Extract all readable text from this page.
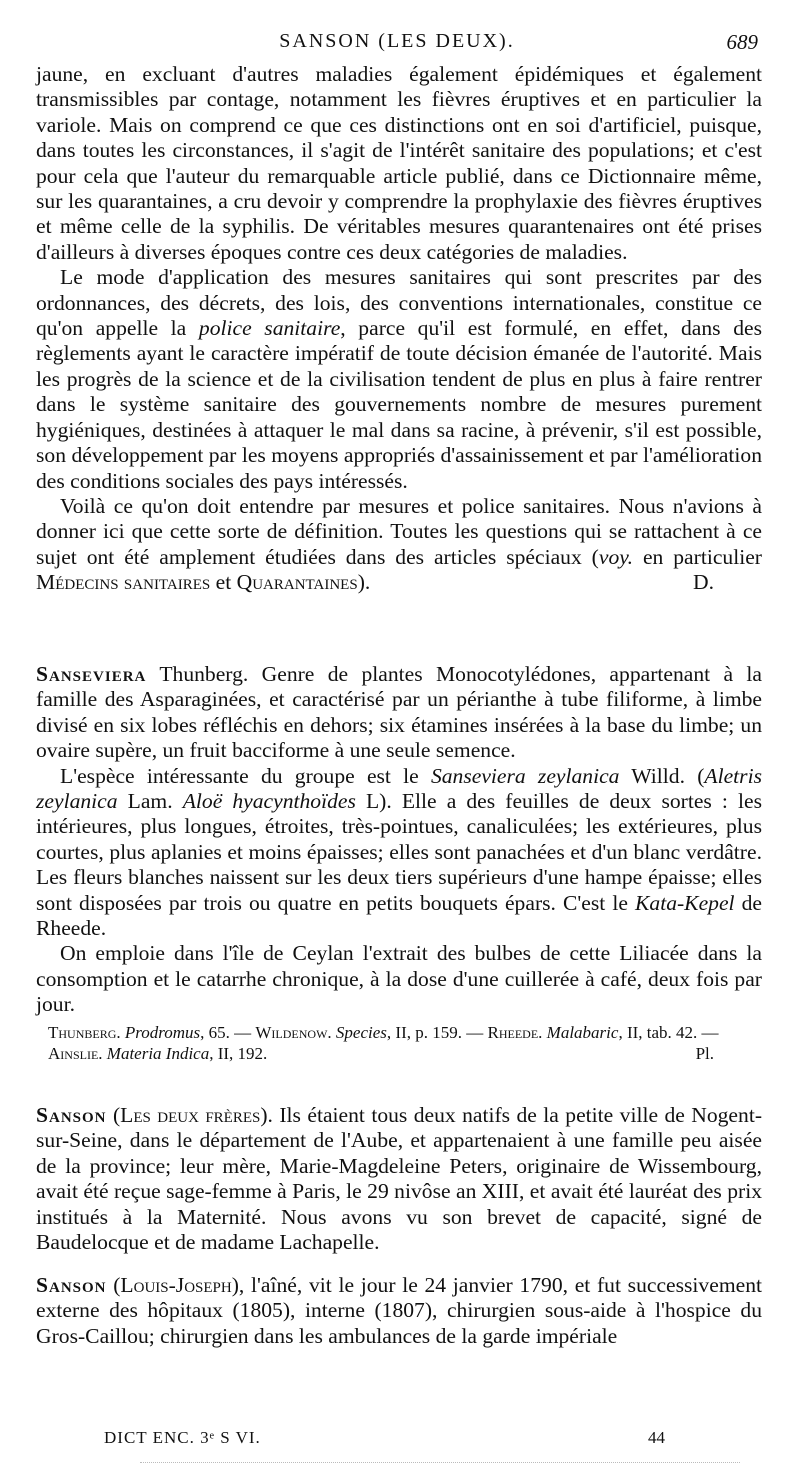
SANSON (LES DEUX).	689

jaune, en excluant d'autres maladies également épidémiques et également transmissibles par contage, notamment les fièvres éruptives et en particulier la variole. Mais on comprend ce que ces distinctions ont en soi d'artificiel, puisque, dans toutes les circonstances, il s'agit de l'intérêt sanitaire des populations; et c'est pour cela que l'auteur du remarquable article publié, dans ce Dictionnaire même, sur les quarantaines, a cru devoir y comprendre la prophylaxie des fièvres éruptives et même celle de la syphilis. De véritables mesures quarantenaires ont été prises d'ailleurs à diverses époques contre ces deux catégories de maladies.

Le mode d'application des mesures sanitaires qui sont prescrites par des ordonnances, des décrets, des lois, des conventions internationales, constitue ce qu'on appelle la police sanitaire, parce qu'il est formulé, en effet, dans des règlements ayant le caractère impératif de toute décision émanée de l'autorité. Mais les progrès de la science et de la civilisation tendent de plus en plus à faire rentrer dans le système sanitaire des gouvernements nombre de mesures purement hygiéniques, destinées à attaquer le mal dans sa racine, à prévenir, s'il est possible, son développement par les moyens appropriés d'assainissement et par l'amélioration des conditions sociales des pays intéressés.

Voilà ce qu'on doit entendre par mesures et police sanitaires. Nous n'avions à donner ici que cette sorte de définition. Toutes les questions qui se rattachent à ce sujet ont été amplement étudiées dans des articles spéciaux (voy. en particulier Médecins sanitaires et Quarantaines).	D.

Sanseviera Thunberg. Genre de plantes Monocotylédones, appartenant à la famille des Asparaginées, et caractérisé par un périanthe à tube filiforme, à limbe divisé en six lobes réfléchis en dehors; six étamines insérées à la base du limbe; un ovaire supère, un fruit bacciforme à une seule semence.

L'espèce intéressante du groupe est le Sanseviera zeylanica Willd. (Aletris zeylanica Lam. Aloë hyacynthoïdes L). Elle a des feuilles de deux sortes : les intérieures, plus longues, étroites, très-pointues, canaliculées; les extérieures, plus courtes, plus aplanies et moins épaisses; elles sont panachées et d'un blanc verdâtre. Les fleurs blanches naissent sur les deux tiers supérieurs d'une hampe épaisse; elles sont disposées par trois ou quatre en petits bouquets épars. C'est le Kata-Kepel de Rheede.

On emploie dans l'île de Ceylan l'extrait des bulbes de cette Liliacée dans la consomption et le catarrhe chronique, à la dose d'une cuillerée à café, deux fois par jour.

Thunberg. Prodromus, 65. — Wildenow. Species, II, p. 159. — Rheede. Malabaric, II, tab. 42. — Ainslie. Materia Indica, II, 192.	Pl.

Sanson (Les deux frères). Ils étaient tous deux natifs de la petite ville de Nogent-sur-Seine, dans le département de l'Aube, et appartenaient à une famille peu aisée de la province; leur mère, Marie-Magdeleine Peters, originaire de Wissembourg, avait été reçue sage-femme à Paris, le 29 nivôse an XIII, et avait été lauréat des prix institués à la Maternité. Nous avons vu son brevet de capacité, signé de Baudelocque et de madame Lachapelle.

Sanson (Louis-Joseph), l'aîné, vit le jour le 24 janvier 1790, et fut successivement externe des hôpitaux (1805), interne (1807), chirurgien sous-aide à l'hospice du Gros-Caillou; chirurgien dans les ambulances de la garde impériale

DICT ENC. 3ᵉ S VI.	44
